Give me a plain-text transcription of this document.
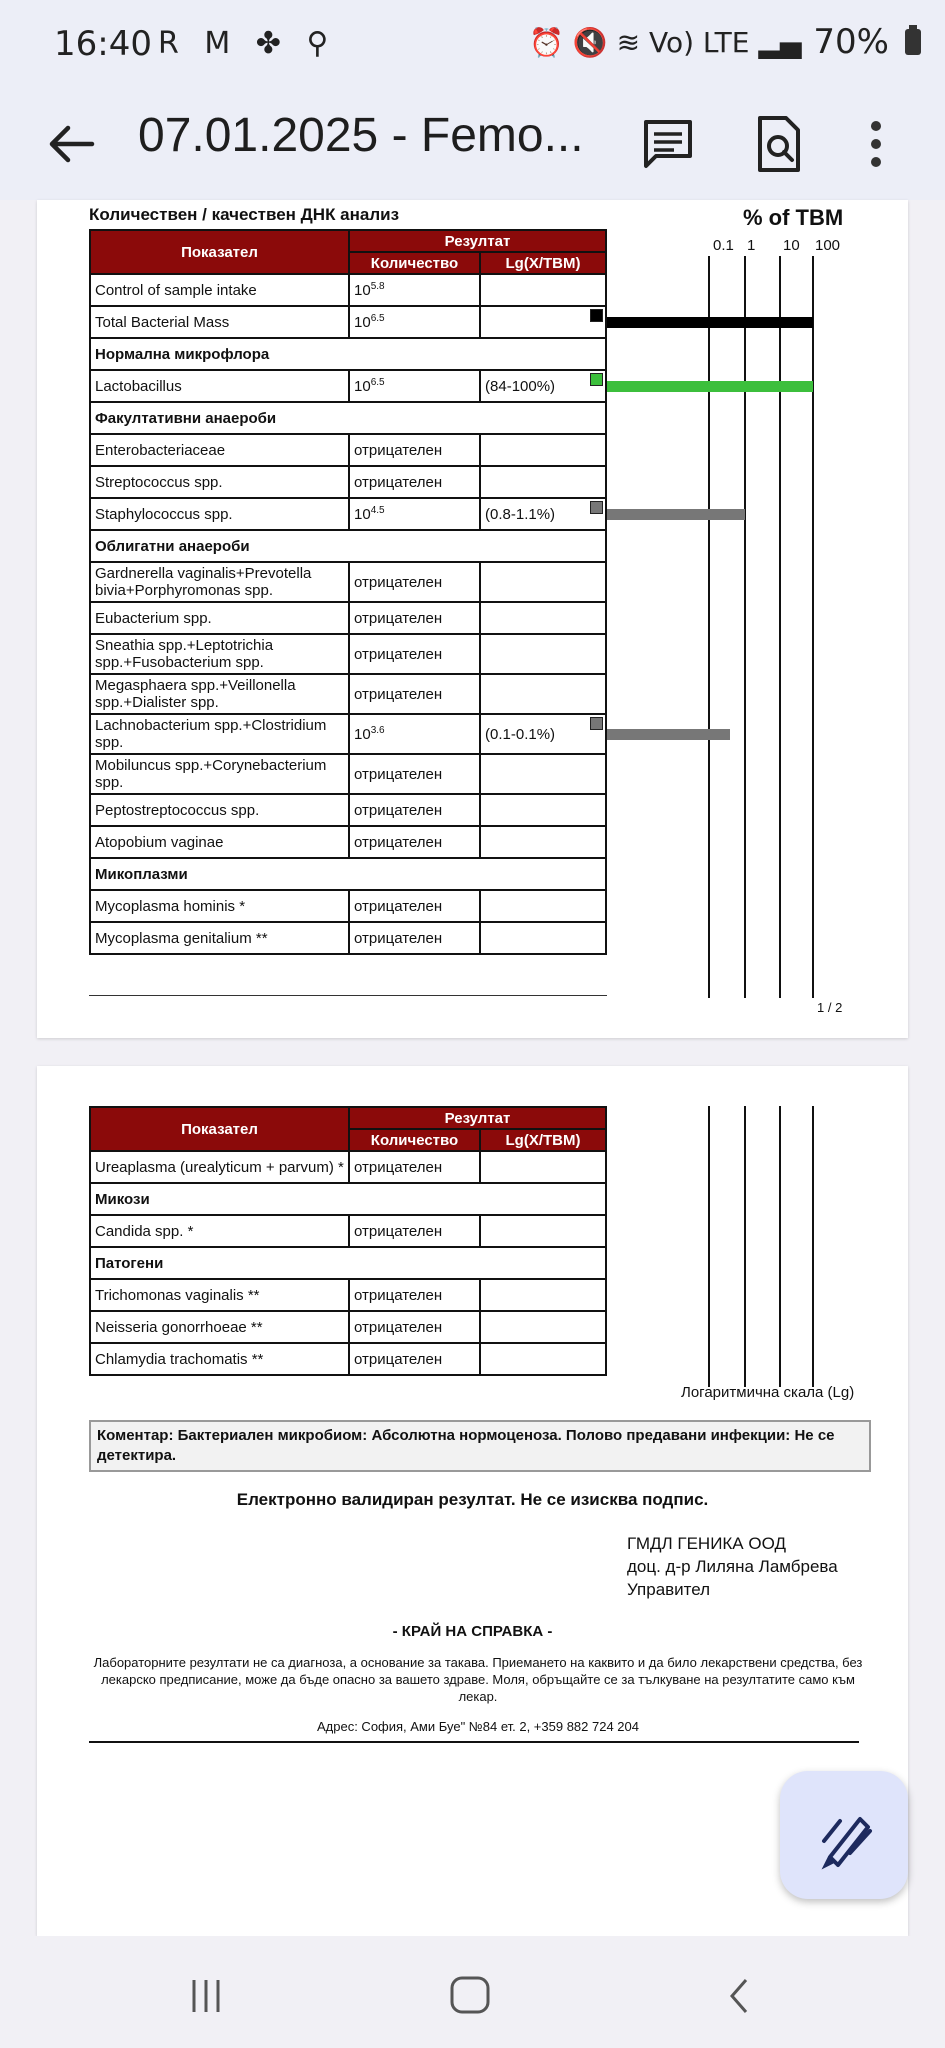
16:40 R M ✤ ⚲	⏰ 🔇 ≋ Vo) LTE ▂▄ 70%
07.01.2025 - Femo...
Количествен / качествен ДНК анализ	% of TBM
0.1 1 10 100
Показател	Резултат	
	Количество	Lg(X/TBM)
Control of sample intake	$10^{5.8}$	
Total Bacterial Mass	$10^{6.5}$	

Нормална микрофлора		
Lactobacillus	$10^{6.5}$	(84-100%)

Факултативни анаероби		
Enterobacteriaceae	отрицателен	
Streptococcus spp.	отрицателен	
Staphylococcus spp.	$10^{4.5}$	(0.8-1.1%)

Облигатни анаероби		
Gardnerella vaginalis+Prevotella bivia+Porphyromonas spp.	отрицателен	
Eubacterium spp.	отрицателен	
Sneathia spp.+Leptotrichia spp.+Fusobacterium spp.	отрицателен	
Megasphaera spp.+Veillonella spp.+Dialister spp.	отрицателен	
Lachnobacterium spp.+Clostridium spp.	$10^{3.6}$	(0.1-0.1%)

Mobiluncus spp.+Corynebacterium spp.	отрицателен	
Peptostreptococcus spp.	отрицателен	
Atopobium vaginae	отрицателен	
Микоплазми		
Mycoplasma hominis *	отрицателен	
Mycoplasma genitalium **	отрицателен	
1 / 2
Показател	Резултат	
	Количество	Lg(X/TBM)
Ureaplasma (urealyticum + parvum) *	отрицателен	
Микози		
Candida spp. *	отрицателен	
Патогени		
Trichomonas vaginalis **	отрицателен	
Neisseria gonorrhoeae **	отрицателен	
Chlamydia trachomatis **	отрицателен	
Логаритмична скала (Lg)
Коментар: Бактериален микробиом: Абсолютна нормоценоза. Полово предавани инфекции: Не се детектира.
Електронно валидиран резултат. Не се изисква подпис.
ГМДЛ ГЕНИКА ООД
доц. д-р Лиляна Ламбрева
Управител
- КРАЙ НА СПРАВКА -
Лабораторните резултати не са диагноза, а основание за такава. Приемането на каквито и да било лекарствени средства, без лекарско предписание, може да бъде опасно за вашето здраве. Моля, обръщайте се за тълкуване на резултатите само към лекар.
Адрес: София, Ами Буе" №84 ет. 2, +359 882 724 204
